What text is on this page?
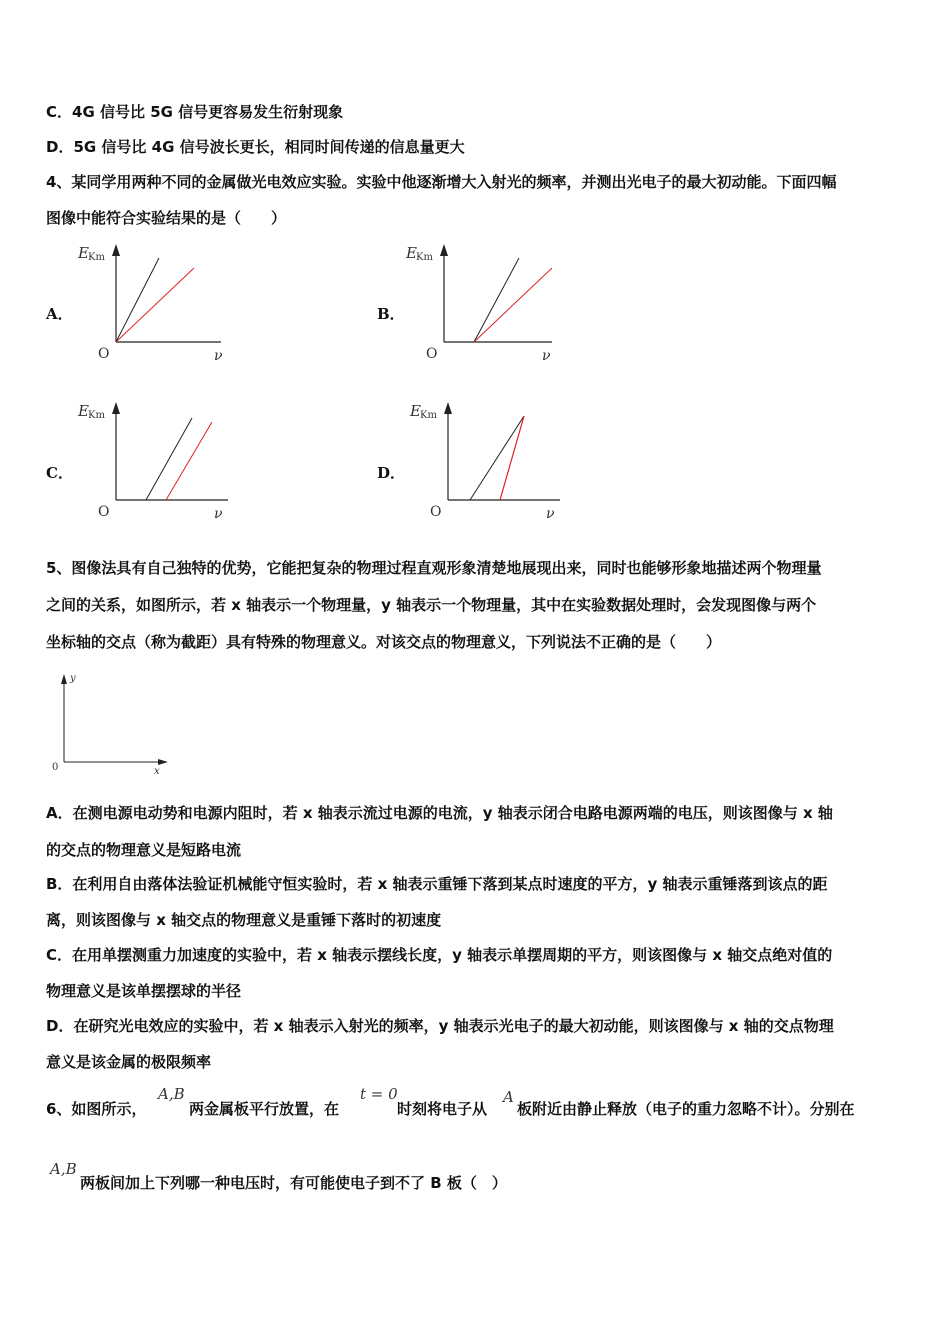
C．4G 信号比 5G 信号更容易发生衍射现象
D．5G 信号比 4G 信号波长更长，相同时间传递的信息量更大
4、某同学用两种不同的金属做光电效应实验。实验中他逐渐增大入射光的频率，并测出光电子的最大初动能。下面四幅
图像中能符合实验结果的是（　　）
A．
E Km
O	ν
B．
E Km
O	ν
C．
E Km
O	ν
D．
E Km
O	ν
5、图像法具有自己独特的优势，它能把复杂的物理过程直观形象清楚地展现出来，同时也能够形象地描述两个物理量
之间的关系，如图所示，若 x 轴表示一个物理量，y 轴表示一个物理量，其中在实验数据处理时，会发现图像与两个
坐标轴的交点（称为截距）具有特殊的物理意义。对该交点的物理意义，下列说法不正确的是（　　）
y
x
0
A．在测电源电动势和电源内阻时，若 x 轴表示流过电源的电流，y 轴表示闭合电路电源两端的电压，则该图像与 x 轴
的交点的物理意义是短路电流
B．在利用自由落体法验证机械能守恒实验时，若 x 轴表示重锤下落到某点时速度的平方，y 轴表示重锤落到该点的距
离，则该图像与 x 轴交点的物理意义是重锤下落时的初速度
C．在用单摆测重力加速度的实验中，若 x 轴表示摆线长度，y 轴表示单摆周期的平方，则该图像与 x 轴交点绝对值的
物理意义是该单摆摆球的半径
D．在研究光电效应的实验中，若 x 轴表示入射光的频率，y 轴表示光电子的最大初动能，则该图像与 x 轴的交点物理
意义是该金属的极限频率
6、如图所示，
A,B
两金属板平行放置，在
t = 0
时刻将电子从
A
板附近由静止释放（电子的重力忽略不计）。分别在
A,B
两板间加上下列哪一种电压时，有可能使电子到不了 B 板（　）
